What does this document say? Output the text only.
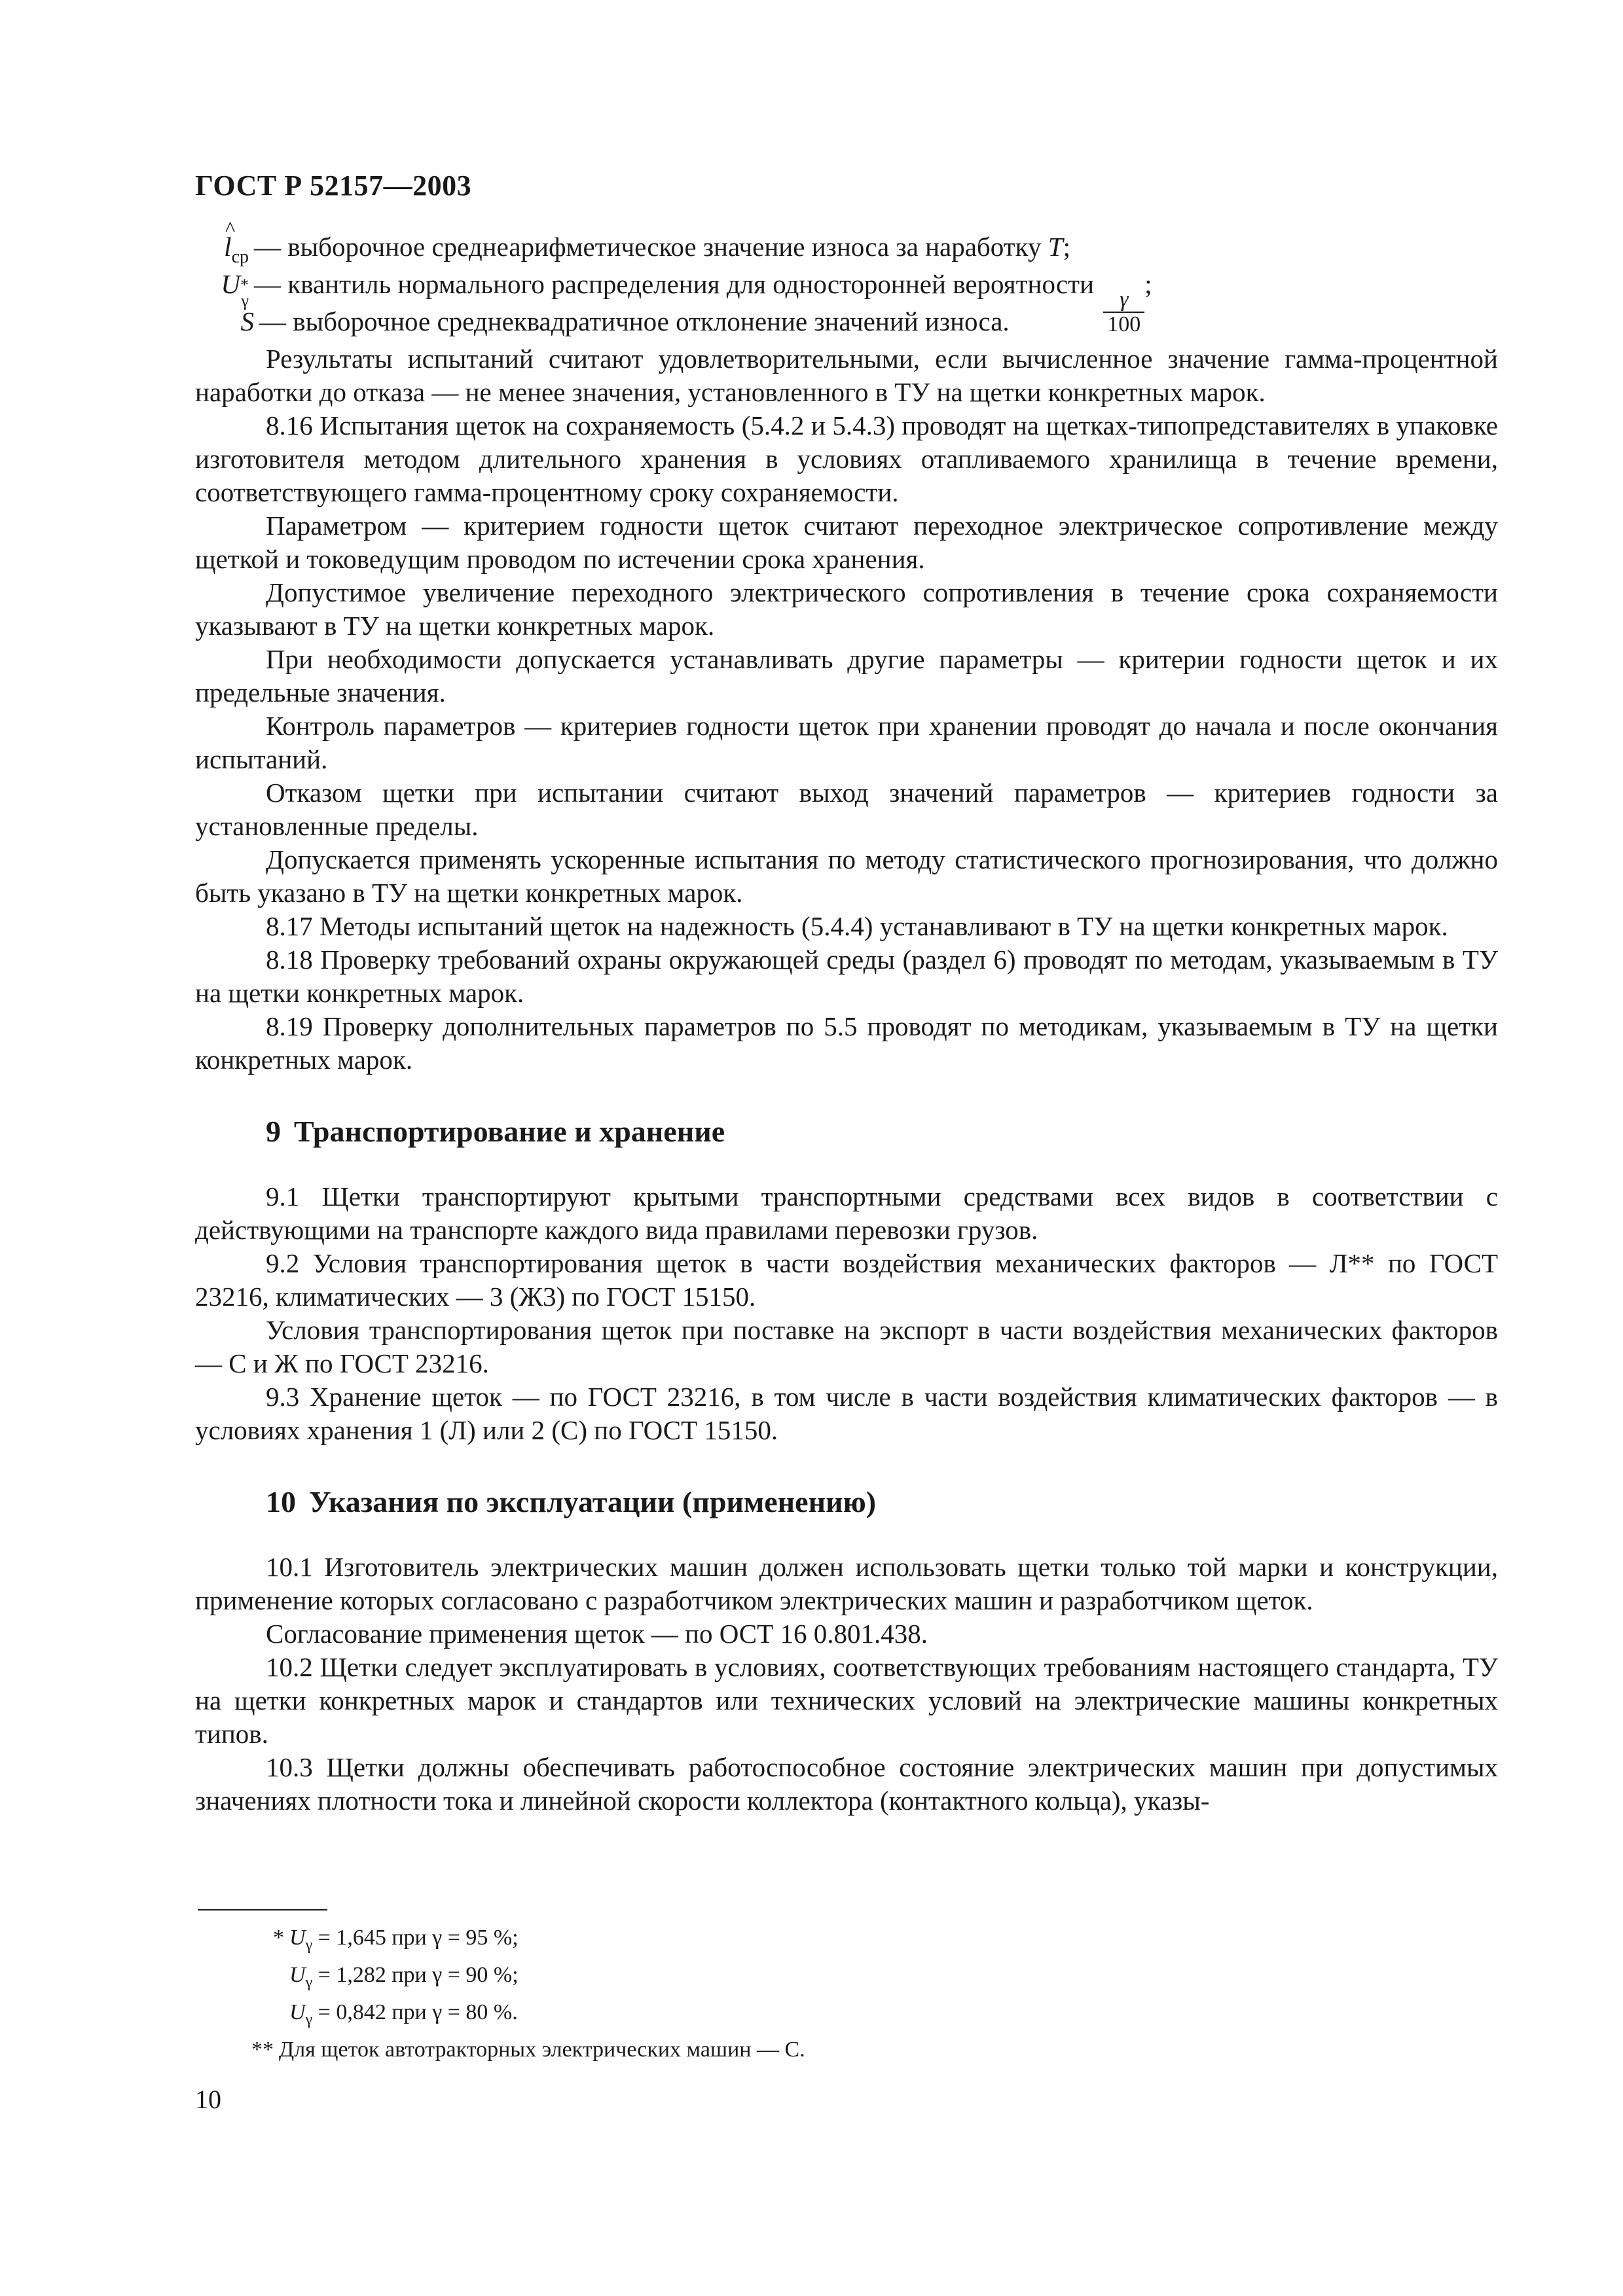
ГОСТ Р 52157—2003
^ $l_{ср}$ — выборочное среднеарифметическое значение износа за наработку T;
U *
γ
— квантиль нормального распределения для односторонней вероятности
$\frac{\gamma}{100}$
;
S — выборочное среднеквадратичное отклонение значений износа.

Результаты испытаний считают удовлетворительными, если вычисленное значение гамма-процентной наработки до отказа — не менее значения, установленного в ТУ на щетки конкретных марок.

8.16 Испытания щеток на сохраняемость (5.4.2 и 5.4.3) проводят на щетках-типопредставителях в упаковке изготовителя методом длительного хранения в условиях отапливаемого хранилища в течение времени, соответствующего гамма-процентному сроку сохраняемости.

Параметром — критерием годности щеток считают переходное электрическое сопротивление между щеткой и токоведущим проводом по истечении срока хранения.

Допустимое увеличение переходного электрического сопротивления в течение срока сохраняемости указывают в ТУ на щетки конкретных марок.

При необходимости допускается устанавливать другие параметры — критерии годности щеток и их предельные значения.

Контроль параметров — критериев годности щеток при хранении проводят до начала и после окончания испытаний.

Отказом щетки при испытании считают выход значений параметров — критериев годности за установленные пределы.

Допускается применять ускоренные испытания по методу статистического прогнозирования, что должно быть указано в ТУ на щетки конкретных марок.

8.17 Методы испытаний щеток на надежность (5.4.4) устанавливают в ТУ на щетки конкретных марок.

8.18 Проверку требований охраны окружающей среды (раздел 6) проводят по методам, указываемым в ТУ на щетки конкретных марок.

8.19 Проверку дополнительных параметров по 5.5 проводят по методикам, указываемым в ТУ на щетки конкретных марок.

9 Транспортирование и хранение

9.1 Щетки транспортируют крытыми транспортными средствами всех видов в соответствии с действующими на транспорте каждого вида правилами перевозки грузов.

9.2 Условия транспортирования щеток в части воздействия механических факторов — Л** по ГОСТ 23216, климатических — 3 (Ж3) по ГОСТ 15150.

Условия транспортирования щеток при поставке на экспорт в части воздействия механических факторов — С и Ж по ГОСТ 23216.

9.3 Хранение щеток — по ГОСТ 23216, в том числе в части воздействия климатических факторов — в условиях хранения 1 (Л) или 2 (С) по ГОСТ 15150.

10 Указания по эксплуатации (применению)

10.1 Изготовитель электрических машин должен использовать щетки только той марки и конструкции, применение которых согласовано с разработчиком электрических машин и разработчиком щеток.

Согласование применения щеток — по ОСТ 16 0.801.438.

10.2 Щетки следует эксплуатировать в условиях, соответствующих требованиям настоящего стандарта, ТУ на щетки конкретных марок и стандартов или технических условий на электрические машины конкретных типов.

10.3 Щетки должны обеспечивать работоспособное состояние электрических машин при допустимых значениях плотности тока и линейной скорости коллектора (контактного кольца), указы-

* $U_\gamma = 1,645$ при γ = 95 %;
$U_\gamma = 1,282$ при γ = 90 %;
$U_\gamma = 0,842$ при γ = 80 %.
** Для щеток автотракторных электрических машин — С.
10
